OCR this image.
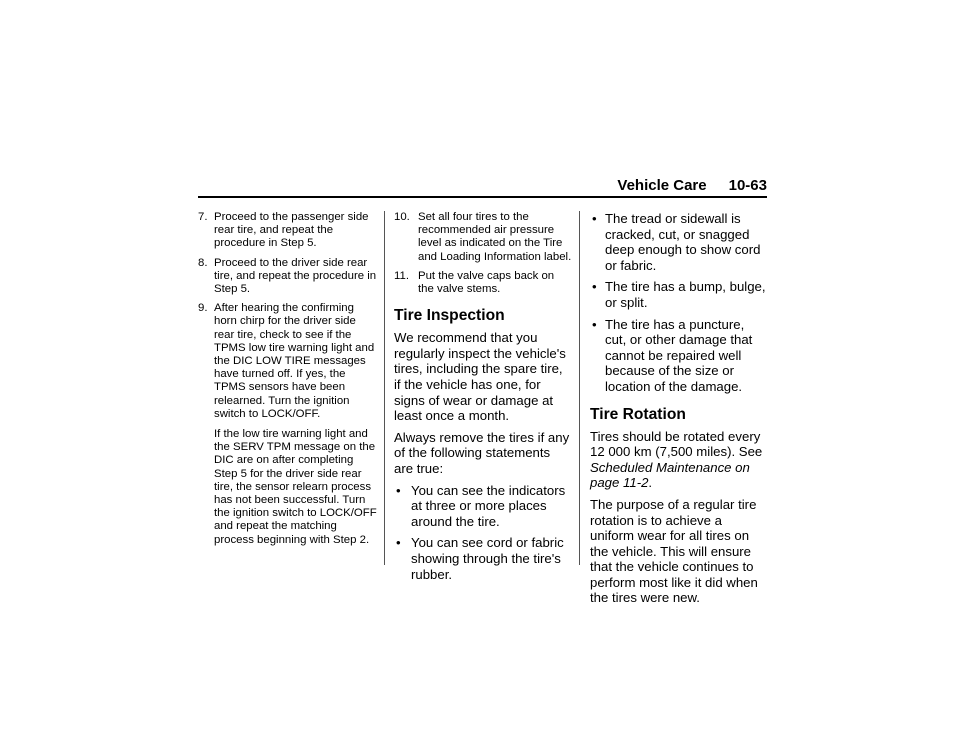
Vehicle Care 10-63
7. Proceed to the passenger side rear tire, and repeat the procedure in Step 5.

8. Proceed to the driver side rear tire, and repeat the procedure in Step 5.

9. After hearing the confirming horn chirp for the driver side rear tire, check to see if the TPMS low tire warning light and the DIC LOW TIRE messages have turned off. If yes, the TPMS sensors have been relearned. Turn the ignition switch to LOCK/OFF.

If the low tire warning light and the SERV TPM message on the DIC are on after completing Step 5 for the driver side rear tire, the sensor relearn process has not been successful. Turn the ignition switch to LOCK/OFF and repeat the matching process beginning with Step 2.

10. Set all four tires to the recommended air pressure level as indicated on the Tire and Loading Information label.

11. Put the valve caps back on the valve stems.

Tire Inspection

We recommend that you regularly inspect the vehicle's tires, including the spare tire, if the vehicle has one, for signs of wear or damage at least once a month.

Always remove the tires if any of the following statements are true:

• You can see the indicators at three or more places around the tire.
• You can see cord or fabric showing through the tire's rubber.
• The tread or sidewall is cracked, cut, or snagged deep enough to show cord or fabric.
• The tire has a bump, bulge, or split.
• The tire has a puncture, cut, or other damage that cannot be repaired well because of the size or location of the damage.
Tire Rotation

Tires should be rotated every 12 000 km (7,500 miles). See Scheduled Maintenance on page 11-2.

The purpose of a regular tire rotation is to achieve a uniform wear for all tires on the vehicle. This will ensure that the vehicle continues to perform most like it did when the tires were new.
